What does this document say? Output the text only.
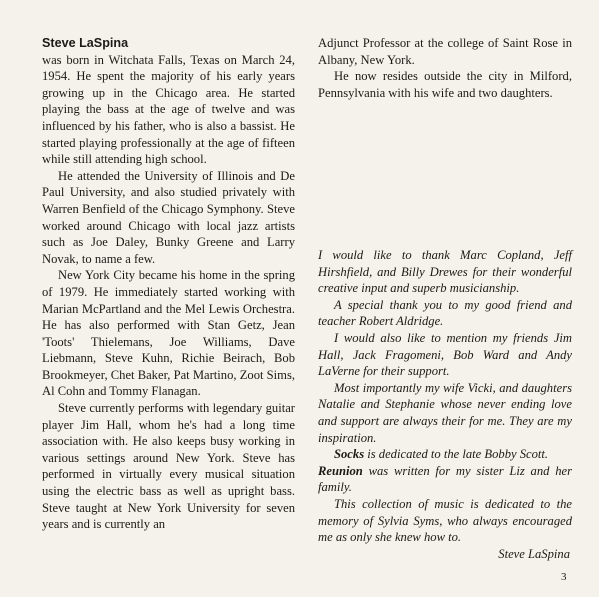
Steve LaSpina

was born in Witchata Falls, Texas on March 24, 1954. He spent the majority of his early years growing up in the Chicago area. He started playing the bass at the age of twelve and was influenced by his father, who is also a bassist. He started playing professionally at the age of fifteen while still attending high school.

He attended the University of Illinois and De Paul University, and also studied privately with Warren Benfield of the Chicago Symphony. Steve worked around Chicago with local jazz artists such as Joe Daley, Bunky Greene and Larry Novak, to name a few.

New York City became his home in the spring of 1979. He immediately started working with Marian McPartland and the Mel Lewis Orchestra. He has also performed with Stan Getz, Jean 'Toots' Thielemans, Joe Williams, Dave Liebmann, Steve Kuhn, Richie Beirach, Bob Brookmeyer, Chet Baker, Pat Martino, Zoot Sims, Al Cohn and Tommy Flanagan.

Steve currently performs with legendary guitar player Jim Hall, whom he's had a long time association with. He also keeps busy working in various settings around New York. Steve has performed in virtually every musical situation using the electric bass as well as upright bass. Steve taught at New York University for seven years and is currently an

Adjunct Professor at the college of Saint Rose in Albany, New York.

He now resides outside the city in Milford, Pennsylvania with his wife and two daughters.

I would like to thank Marc Copland, Jeff Hirshfield, and Billy Drewes for their wonderful creative input and superb musicianship.

A special thank you to my good friend and teacher Robert Aldridge.

I would also like to mention my friends Jim Hall, Jack Fragomeni, Bob Ward and Andy LaVerne for their support.

Most importantly my wife Vicki, and daughters Natalie and Stephanie whose never ending love and support are always their for me. They are my inspiration.

Socks is dedicated to the late Bobby Scott.

Reunion was written for my sister Liz and her family.

This collection of music is dedicated to the memory of Sylvia Syms, who always encouraged me as only she knew how to.

Steve LaSpina

3
